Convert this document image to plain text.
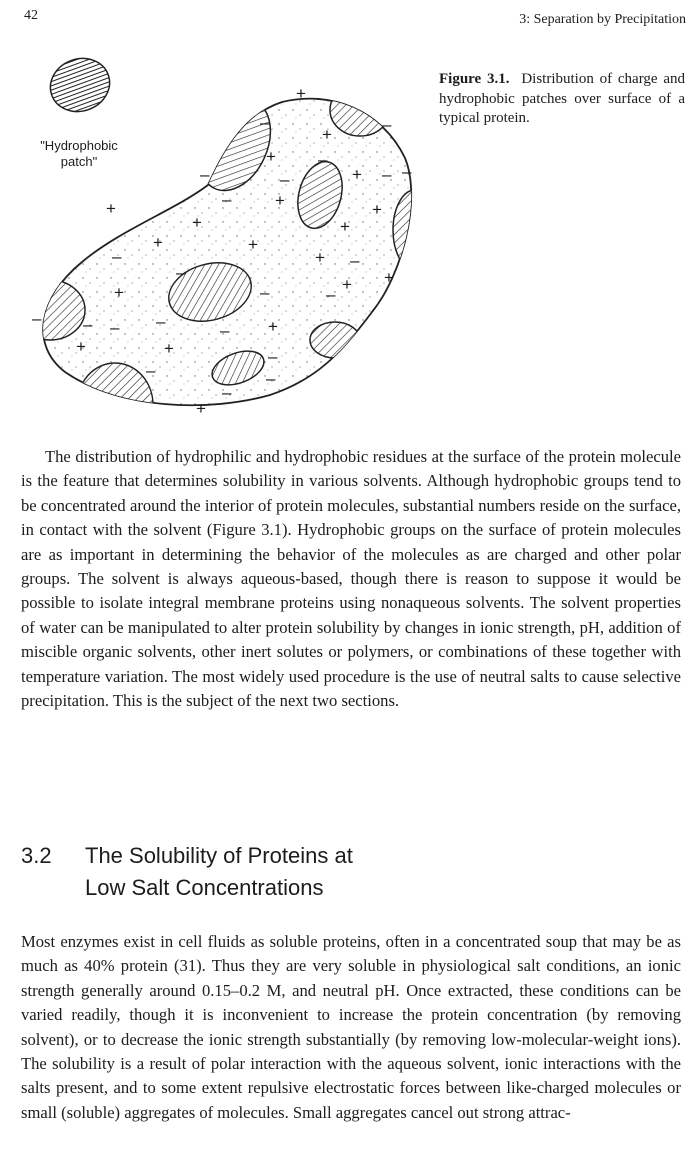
42	3: Separation by Precipitation
+
+
–
–
+ –
+ – –
–	–
–	+	+
+
+	+
+	+
+ –
–
–	+
+
+	–	–
– – – –	– +
+	+	–
–	–
–
+
"Hydrophobic patch"
Figure 3.1. Distribution of charge and hydrophobic patches over surface of a typical protein.

The distribution of hydrophilic and hydrophobic residues at the surface of the protein molecule is the feature that determines solubility in various solvents. Although hydrophobic groups tend to be concentrated around the interior of protein molecules, substantial numbers reside on the surface, in contact with the solvent (Figure 3.1). Hydrophobic groups on the surface of protein molecules are as important in determining the behavior of the molecules as are charged and other polar groups. The solvent is always aqueous-based, though there is reason to suppose it would be possible to isolate integral membrane proteins using nonaqueous solvents. The solvent properties of water can be manipulated to alter protein solubility by changes in ionic strength, pH, addition of miscible organic solvents, other inert solutes or polymers, or combinations of these together with temperature variation. The most widely used procedure is the use of neutral salts to cause selective precipitation. This is the subject of the next two sections.

3.2 The Solubility of Proteins at
Low Salt Concentrations

Most enzymes exist in cell fluids as soluble proteins, often in a concentrated soup that may be as much as 40% protein (31). Thus they are very soluble in physiological salt conditions, an ionic strength generally around 0.15–0.2 M, and neutral pH. Once extracted, these conditions can be varied readily, though it is inconvenient to increase the protein concentration (by removing solvent), or to decrease the ionic strength substantially (by removing low-molecular-weight ions). The solubility is a result of polar interaction with the aqueous solvent, ionic interactions with the salts present, and to some extent repulsive electrostatic forces between like-charged molecules or small (soluble) aggregates of molecules. Small aggregates cancel out strong attrac-
